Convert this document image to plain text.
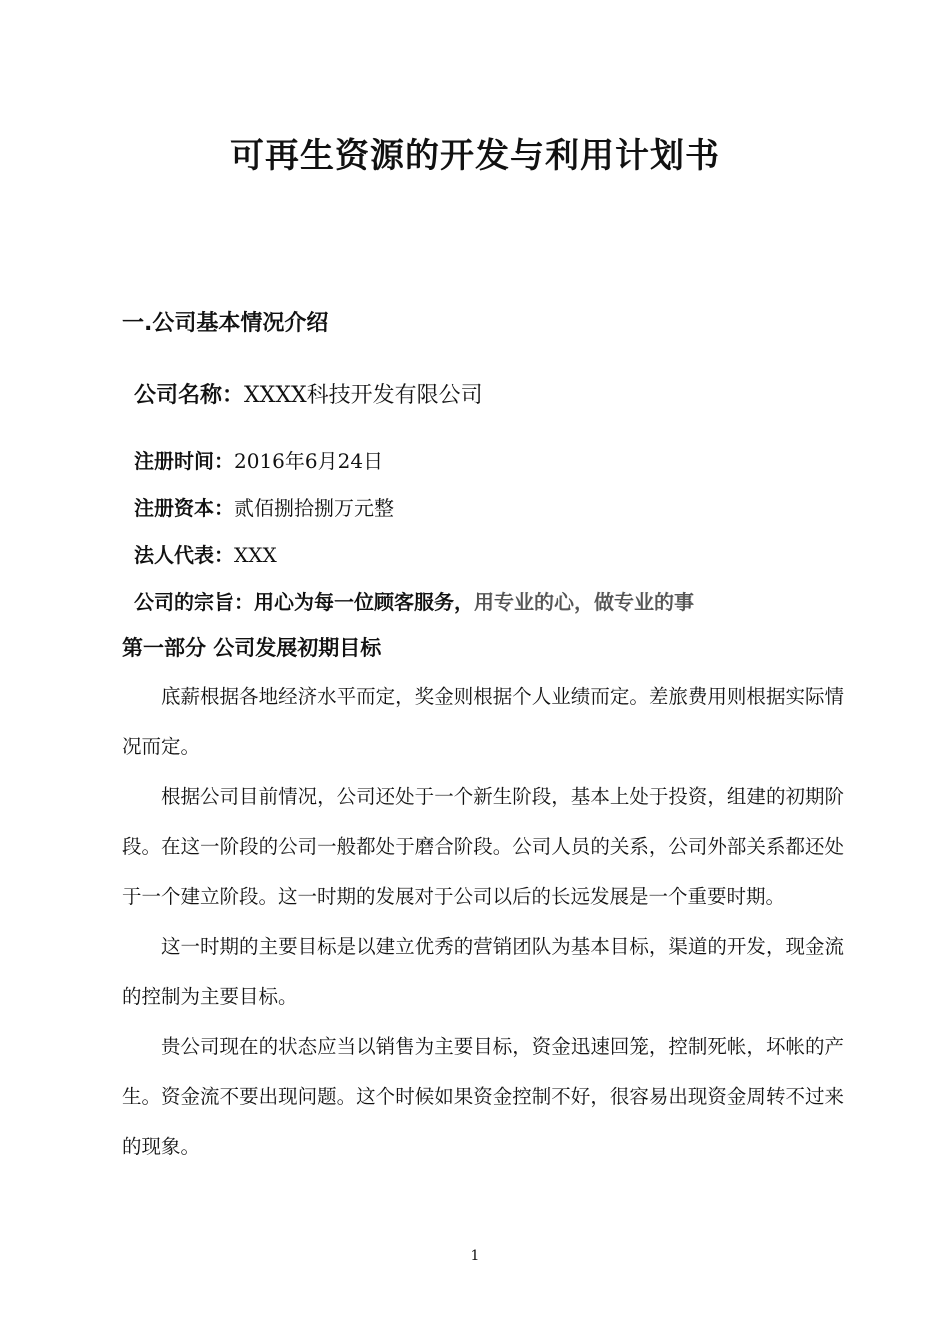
可再生资源的开发与利用计划书
一.公司基本情况介绍
公司名称：XXXX科技开发有限公司
注册时间：2016年6月24日
注册资本：贰佰捌拾捌万元整
法人代表：XXX
公司的宗旨：用心为每一位顾客服务，用专业的心，做专业的事
第一部分 公司发展初期目标

底薪根据各地经济水平而定，奖金则根据个人业绩而定。差旅费用则根据实际情况而定。

根据公司目前情况，公司还处于一个新生阶段，基本上处于投资，组建的初期阶段。在这一阶段的公司一般都处于磨合阶段。公司人员的关系，公司外部关系都还处于一个建立阶段。这一时期的发展对于公司以后的长远发展是一个重要时期。

这一时期的主要目标是以建立优秀的营销团队为基本目标，渠道的开发，现金流的控制为主要目标。

贵公司现在的状态应当以销售为主要目标，资金迅速回笼，控制死帐，坏帐的产生。资金流不要出现问题。这个时候如果资金控制不好，很容易出现资金周转不过来的现象。

1
